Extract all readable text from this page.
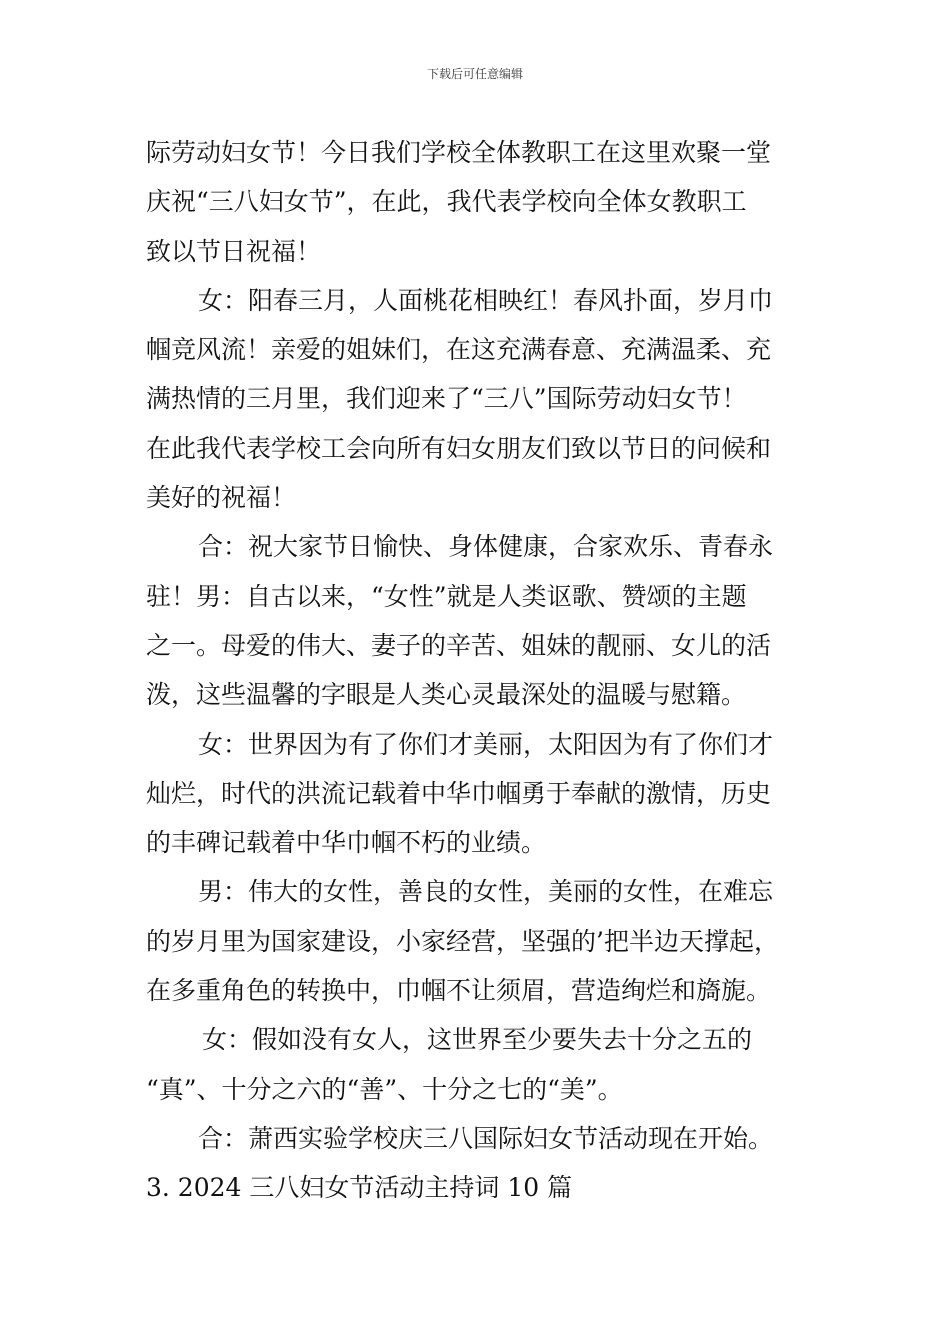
下载后可任意编辑
际劳动妇女节！今日我们学校全体教职工在这里欢聚一堂
庆祝“三八妇女节”，在此，我代表学校向全体女教职工
致以节日祝福！
女：阳春三月，人面桃花相映红！春风扑面，岁月巾
帼竞风流！亲爱的姐妹们，在这充满春意、充满温柔、充
满热情的三月里，我们迎来了“三八”国际劳动妇女节！
在此我代表学校工会向所有妇女朋友们致以节日的问候和
美好的祝福！
合：祝大家节日愉快、身体健康，合家欢乐、青春永
驻！男：自古以来，“女性”就是人类讴歌、赞颂的主题
之一。母爱的伟大、妻子的辛苦、姐妹的靓丽、女儿的活
泼，这些温馨的字眼是人类心灵最深处的温暖与慰籍。
女：世界因为有了你们才美丽，太阳因为有了你们才
灿烂，时代的洪流记载着中华巾帼勇于奉献的激情，历史
的丰碑记载着中华巾帼不朽的业绩。
男：伟大的女性，善良的女性，美丽的女性，在难忘
的岁月里为国家建设，小家经营，坚强的’把半边天撑起，
在多重角色的转换中，巾帼不让须眉，营造绚烂和旖旎。
女：假如没有女人，这世界至少要失去十分之五的
“真”、十分之六的“善”、十分之七的“美”。
合：萧西实验学校庆三八国际妇女节活动现在开始。
3. 2024 三八妇女节活动主持词 10 篇
